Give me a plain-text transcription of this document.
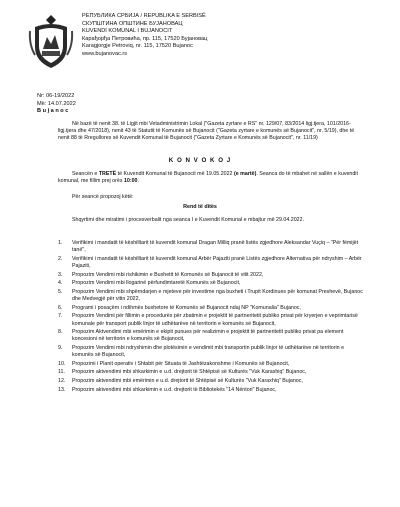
РЕПУБЛИКА СРБИЈА / REPUBLIKA E SERBISË
СКУПШТИНА ОПШТИНЕ БУЈАНОВАЦ
KUVENDI KOMUNAL I BUJANOCIT
Карађорђа Петровића, пр. 115, 17520 Бујановац
Karagjorgje Petroviq, nr. 115, 17520 Bujanoc
www.bujanovac.rs
Nr: 06-19/2022
Më: 14.07.2022
B u j a n o c
Në bazë të nenit 38. të Ligjit mbi Vetadministrimin Lokal ("Gazeta zyrtare e RS" nr. 129/07, 83/2014 ligj.tjera, 101/2016- ligj.tjera dhe 47/2018), nenit 43 të Statutit të Komunës së Bujanocit ("Gazeta zyrtare e komunës së Bujanocit", nr. 5/19), dhe të nenit 88 të Rregullores së Kuvendit Komunal të Bujanocit ("Gazeta Zyrtare e Komunës së Bujanocit", nr. 11/19)
K O N V O K O J
Seancën e TRETË të Kuvendit Komunal të Bujanocit më 19.05.2022 (e martë). Seanca do të mbahet në sallën e kuvendit komunal, me fillim prej orës 10:00.
Për seancë propozoj këtë:
Rend të ditës
Shqyrtimi dhe miratimi i procesverbalit nga seanca I e Kuvendit Komunal e mbajtur më 29.04.2022.
1.	Verifikimi i mandatit të këshilltarit të kuvendit komunal Dragan Milliq pranë listës zgjedhore Aleksandar Vuçiq – "Për fëmijët tanë",
2.	Verifikimi i mandatit të këshilltarit të kuvendit komunal Arbër Pajaziti pranë Listës zgjedhore Alternativa për ndryshim – Arbër Pajaziti,
3.	Propozim Vendimi mbi rishikimin e Buxhetit të Komunës së Bujanocit të vitit 2022,
4.	Propozim Vendimi mbi llogarinë përfundimtaretë Komunës së Bujanocit,
5.	Propozim Vendimi mbi shpërndarjen e mjeteve për investime nga buxheti i Trupit Kordinues për komunat Preshevë, Bujanoc dhe Medvegjë për vitin 2022,
6.	Programi i posaçëm i ndihmës buxhetore të Komunës së Bujanocit ndaj NP "Komunalia" Bujanoc,
7.	Propozim Vendimi për fillimin e procedurës për zbatimin e projektit të partneritetit publiko privat për kryerjen e veprimtarisë komunale për transport publik linjor të udhëtarëve në territorin e komunës së Bujanocit,
8.	Propozim Aktvendimi mbi emërimin e ekipit punues për realizimin e projektit të partneritetit publiko privat pa element koncesioni në territorin e komunës së Bujanocit,
9.	Propozim Vendimi mbi ndryshimin dhe plotësimin e vendimit mbi transportin publik linjor të udhëtarëve në territorin e komunës së Bujanocit,
10.	Propozimi i Planit operativ i Shtabit për Situata të Jashtëzakonshme i Komunës së Bujanocit,
11.	Propozim aktvendimi mbi shkarkimin e u.d. drejtorit të Shtëpisë së Kulturës "Vuk Karaxhiq" Bujanoc,
12.	Propozim aktvendimi mbi emërimin e u.d. drejtorit të Shtëpisë së Kulturës "Vuk Karaxhiq" Bujanoc,
13.	Propozim aktvendimi mbi shkarkimin e u.d. drejtorit të Bibliotekës "14 Nëntori" Bujanoc,
